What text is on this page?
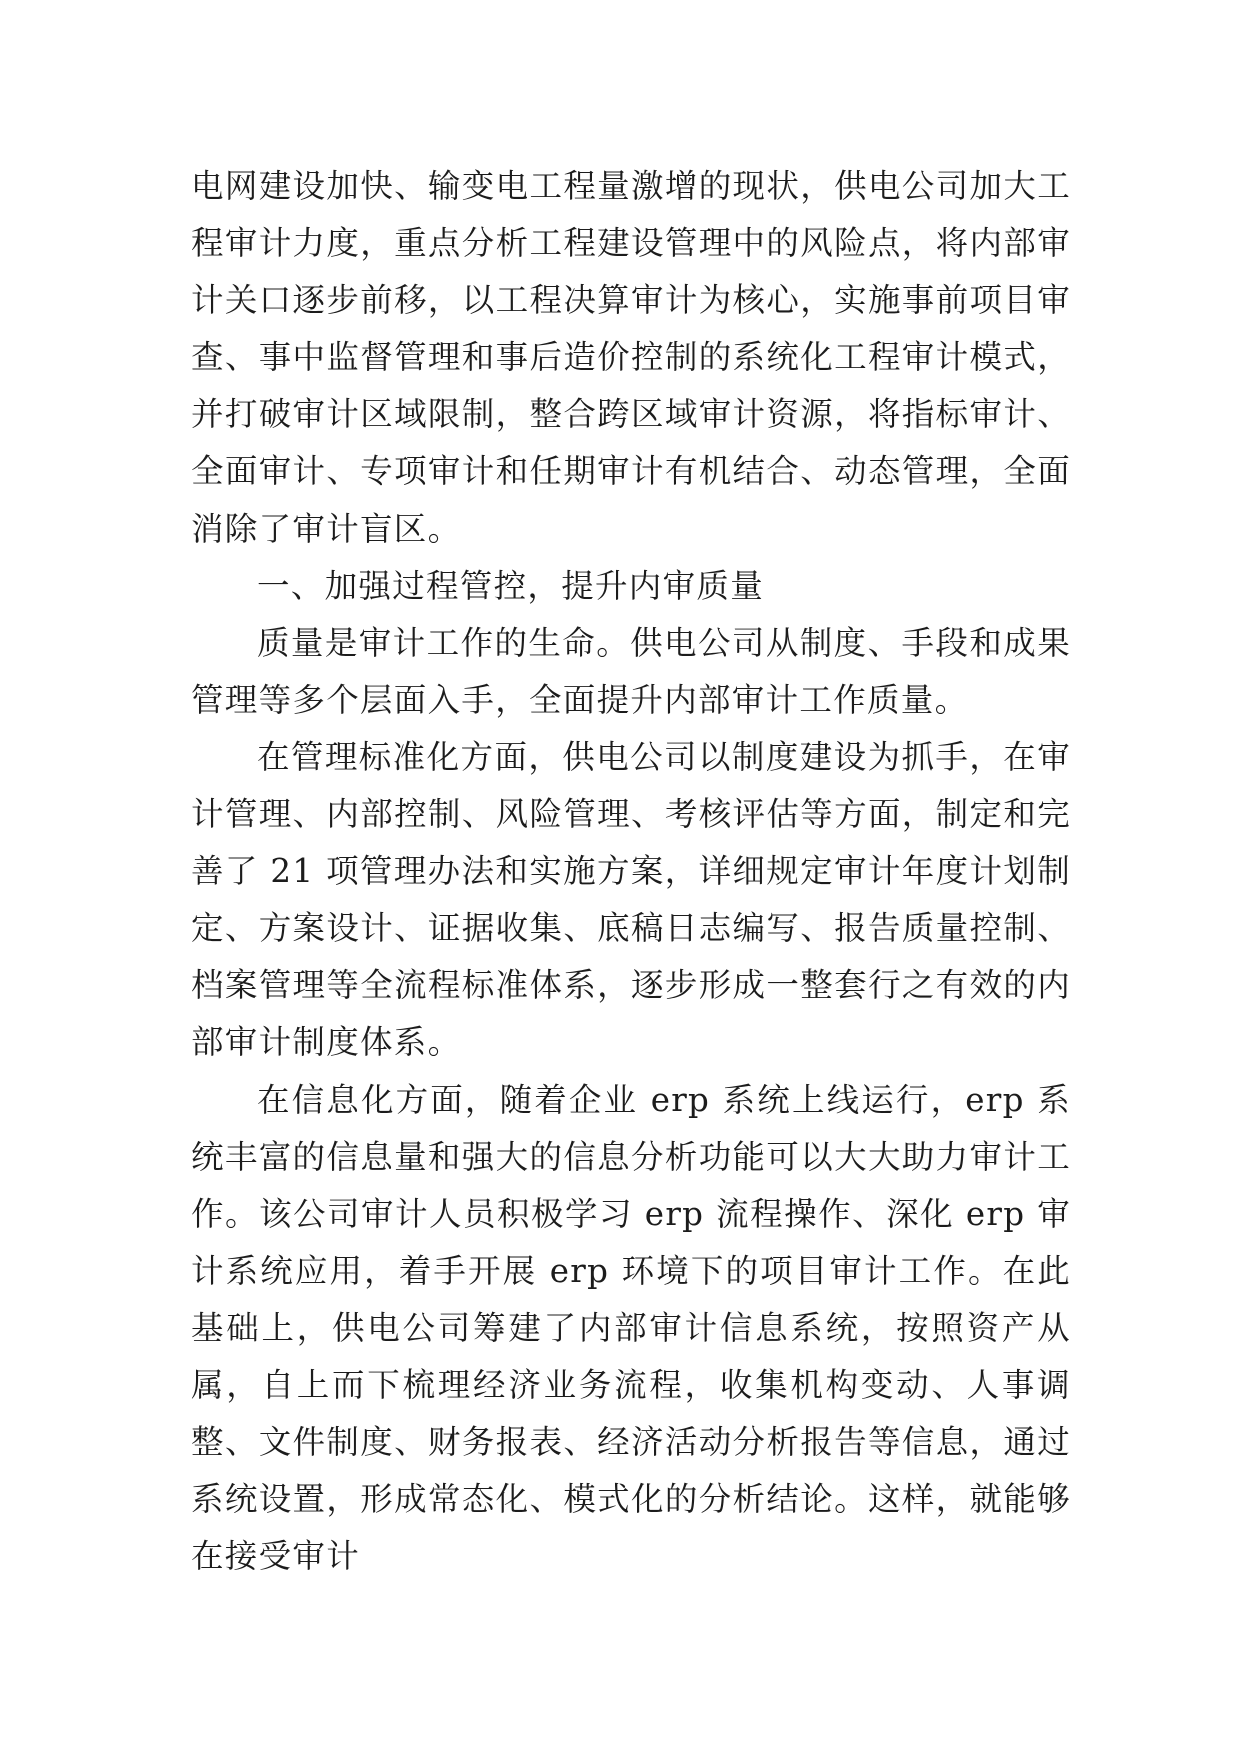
电网建设加快、输变电工程量激增的现状，供电公司加大工程审计力度，重点分析工程建设管理中的风险点，将内部审计关口逐步前移，以工程决算审计为核心，实施事前项目审查、事中监督管理和事后造价控制的系统化工程审计模式，并打破审计区域限制，整合跨区域审计资源，将指标审计、全面审计、专项审计和任期审计有机结合、动态管理，全面消除了审计盲区。

一、加强过程管控，提升内审质量

质量是审计工作的生命。供电公司从制度、手段和成果管理等多个层面入手，全面提升内部审计工作质量。

在管理标准化方面，供电公司以制度建设为抓手，在审计管理、内部控制、风险管理、考核评估等方面，制定和完善了 21 项管理办法和实施方案，详细规定审计年度计划制定、方案设计、证据收集、底稿日志编写、报告质量控制、档案管理等全流程标准体系，逐步形成一整套行之有效的内部审计制度体系。

在信息化方面，随着企业 erp 系统上线运行，erp 系统丰富的信息量和强大的信息分析功能可以大大助力审计工作。该公司审计人员积极学习 erp 流程操作、深化 erp 审计系统应用，着手开展 erp 环境下的项目审计工作。在此基础上，供电公司筹建了内部审计信息系统，按照资产从属，自上而下梳理经济业务流程，收集机构变动、人事调整、文件制度、财务报表、经济活动分析报告等信息，通过系统设置，形成常态化、模式化的分析结论。这样，就能够在接受审计
